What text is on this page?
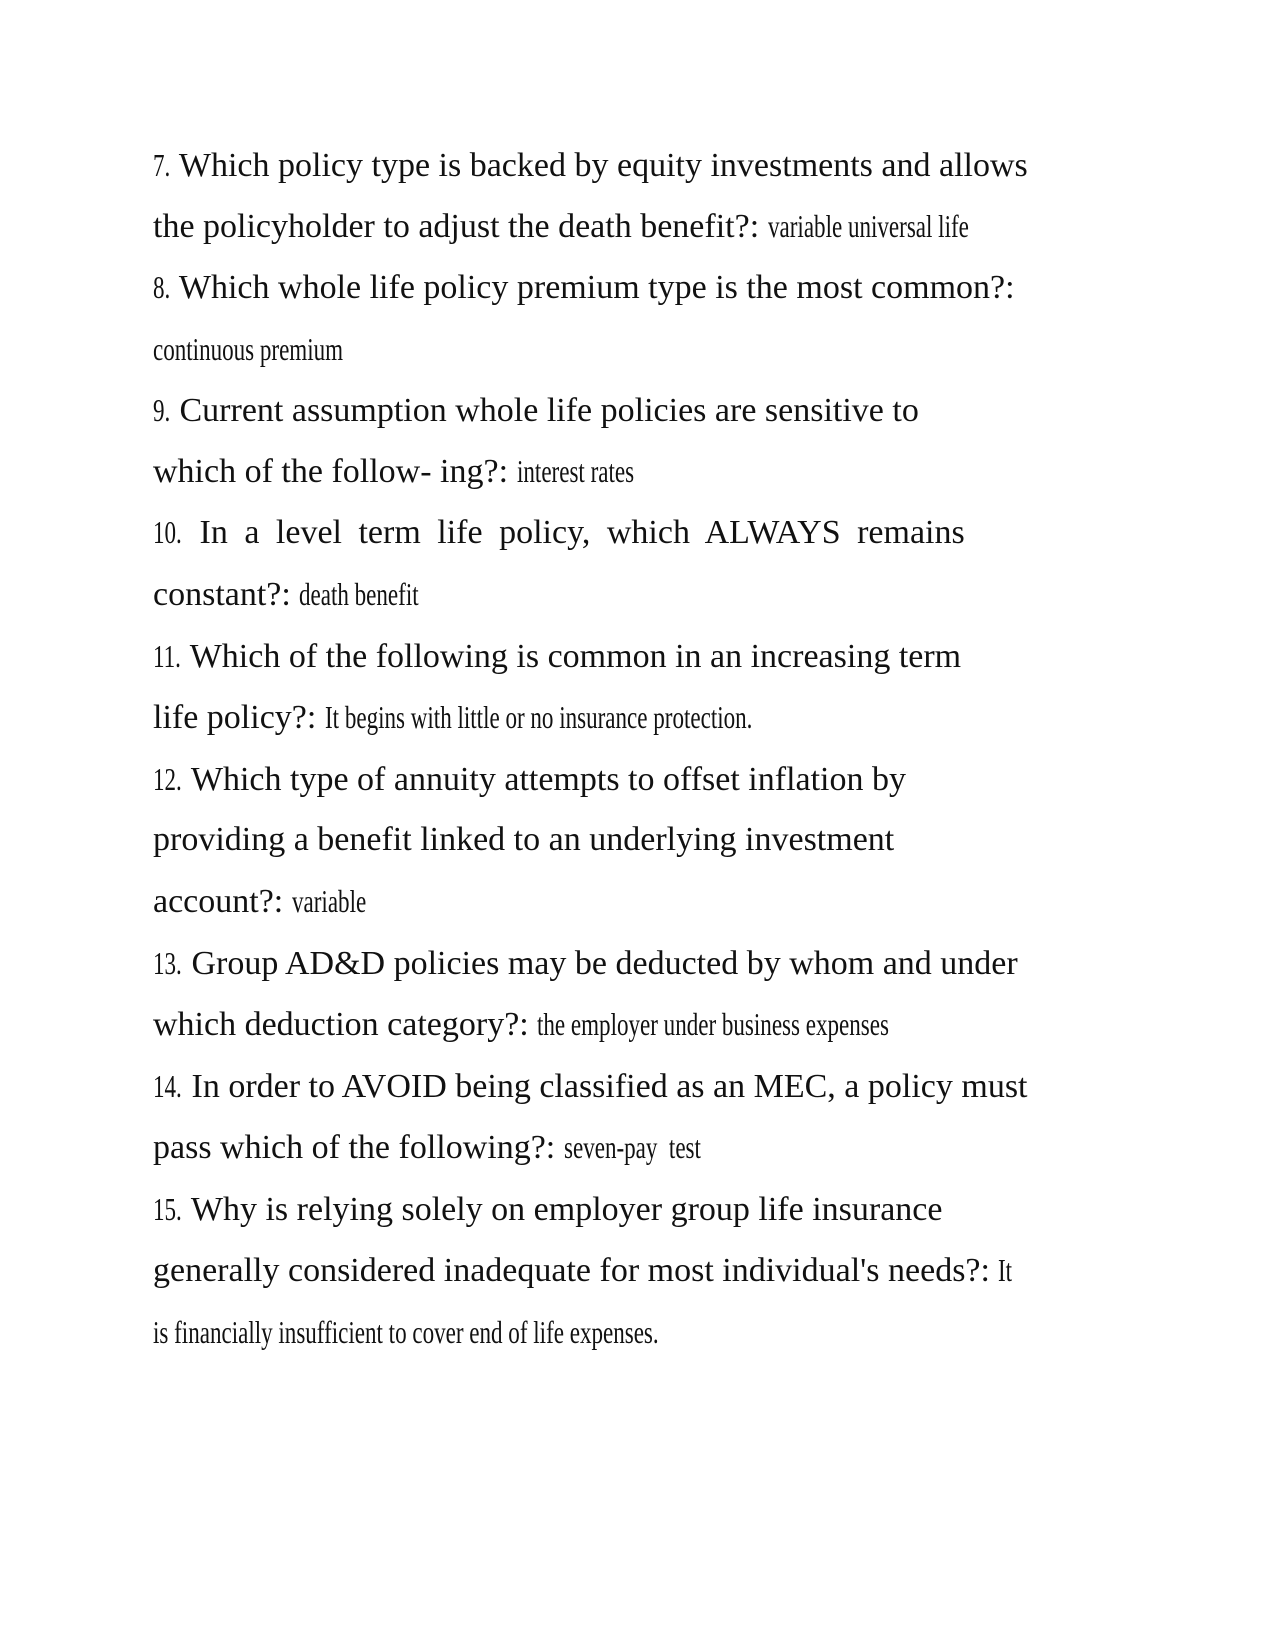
7. Which policy type is backed by equity investments and allows
the policyholder to adjust the death benefit?: variable universal life
8. Which whole life policy premium type is the most common?:
continuous premium
9. Current assumption whole life policies are sensitive to
which of the follow- ing?: interest rates
10. In a level term life policy, which ALWAYS remains
constant?: death benefit
11. Which of the following is common in an increasing term
life policy?: It begins with little or no insurance protection.
12. Which type of annuity attempts to offset inflation by
providing a benefit linked to an underlying investment
account?: variable
13. Group AD&D policies may be deducted by whom and under
which deduction category?: the employer under business expenses
14. In order to AVOID being classified as an MEC, a policy must
pass which of the following?: seven-pay  test
15. Why is relying solely on employer group life insurance
generally considered inadequate for most individual's needs?: It
is financially insufficient to cover end of life expenses.
